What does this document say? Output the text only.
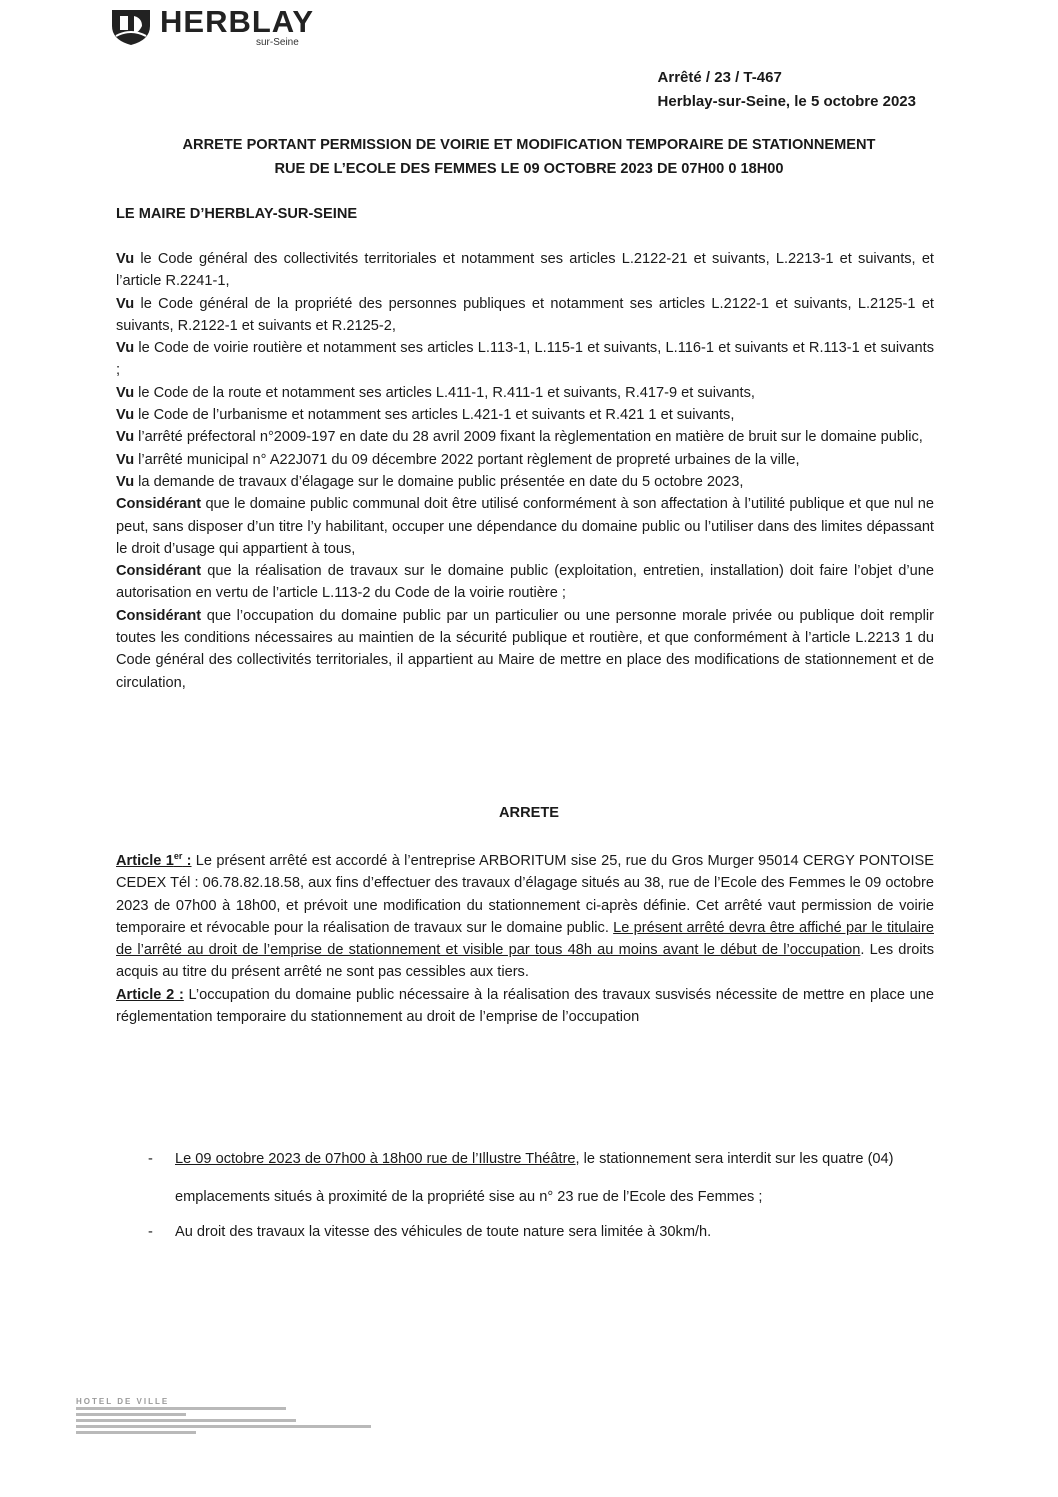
HERBLAY
sur-Seine
Arrêté / 23 / T-467
Herblay-sur-Seine, le 5 octobre 2023
ARRETE PORTANT PERMISSION DE VOIRIE ET MODIFICATION TEMPORAIRE DE STATIONNEMENT
RUE DE L’ECOLE DES FEMMES LE 09 OCTOBRE 2023 DE 07H00 0 18H00
LE MAIRE D’HERBLAY-SUR-SEINE

Vu le Code général des collectivités territoriales et notamment ses articles L.2122-21 et suivants, L.2213-1 et suivants, et l’article R.2241-1,

Vu le Code général de la propriété des personnes publiques et notamment ses articles L.2122-1 et suivants, L.2125-1 et suivants, R.2122-1 et suivants et R.2125-2,

Vu le Code de voirie routière et notamment ses articles L.113-1, L.115-1 et suivants, L.116-1 et suivants et R.113-1 et suivants ;

Vu le Code de la route et notamment ses articles L.411-1, R.411-1 et suivants, R.417-9 et suivants,

Vu le Code de l’urbanisme et notamment ses articles L.421-1 et suivants et R.421 1 et suivants,

Vu l’arrêté préfectoral n°2009-197 en date du 28 avril 2009 fixant la règlementation en matière de bruit sur le domaine public,

Vu l’arrêté municipal n° A22J071 du 09 décembre 2022 portant règlement de propreté urbaines de la ville,

Vu la demande de travaux d’élagage sur le domaine public présentée en date du 5 octobre 2023,

Considérant que le domaine public communal doit être utilisé conformément à son affectation à l’utilité publique et que nul ne peut, sans disposer d’un titre l’y habilitant, occuper une dépendance du domaine public ou l’utiliser dans des limites dépassant le droit d’usage qui appartient à tous,

Considérant que la réalisation de travaux sur le domaine public (exploitation, entretien, installation) doit faire l’objet d’une autorisation en vertu de l’article L.113-2 du Code de la voirie routière ;

Considérant que l’occupation du domaine public par un particulier ou une personne morale privée ou publique doit remplir toutes les conditions nécessaires au maintien de la sécurité publique et routière, et que conformément à l’article L.2213 1 du Code général des collectivités territoriales, il appartient au Maire de mettre en place des modifications de stationnement et de circulation,

ARRETE

Article 1er : Le présent arrêté est accordé à l’entreprise ARBORITUM sise 25, rue du Gros Murger 95014 CERGY PONTOISE CEDEX Tél : 06.78.82.18.58, aux fins d’effectuer des travaux d’élagage situés au 38, rue de l’Ecole des Femmes le 09 octobre 2023 de 07h00 à 18h00, et prévoit une modification du stationnement ci-après définie. Cet arrêté vaut permission de voirie temporaire et révocable pour la réalisation de travaux sur le domaine public. Le présent arrêté devra être affiché par le titulaire de l’arrêté au droit de l’emprise de stationnement et visible par tous 48h au moins avant le début de l’occupation. Les droits acquis au titre du présent arrêté ne sont pas cessibles aux tiers.

Article 2 : L’occupation du domaine public nécessaire à la réalisation des travaux susvisés nécessite de mettre en place une réglementation temporaire du stationnement au droit de l’emprise de l’occupation

- Le 09 octobre 2023 de 07h00 à 18h00 rue de l’Illustre Théâtre, le stationnement sera interdit sur les quatre (04) emplacements situés à proximité de la propriété sise au n° 23 rue de l’Ecole des Femmes ;

- Au droit des travaux la vitesse des véhicules de toute nature sera limitée à 30km/h.

HOTEL DE VILLE
